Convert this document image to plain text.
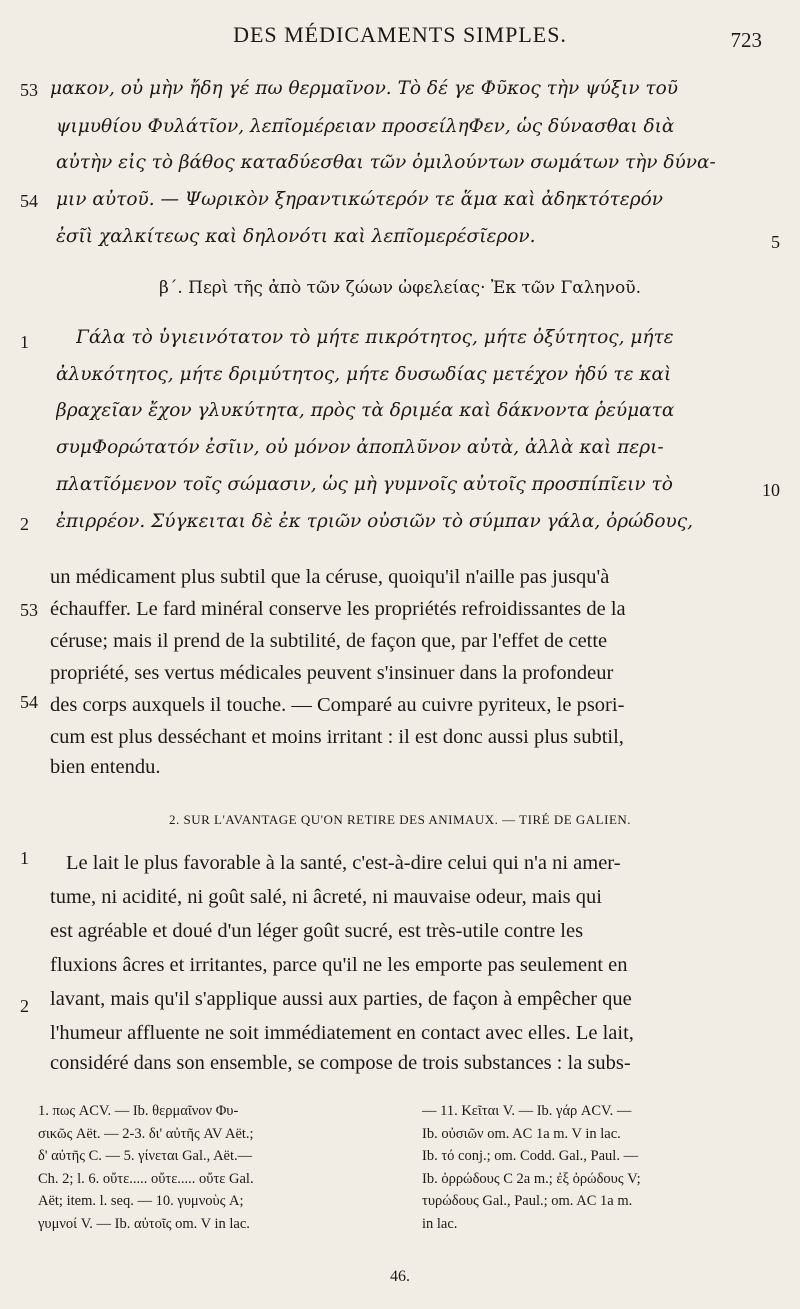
DES MÉDICAMENTS SIMPLES.	723
μακον, οὐ μὴν ἤδη γέ πω θερμαῖνον. Τὸ δέ γε Φῦκος τὴν ψύξιν τοῦ
ψιμυθίου Φυλάτῖον, λεπῖομέρειαν προσείληΦεν, ὡς δύνασθαι διὰ
αὐτὴν εἰς τὸ βάθος καταδύεσθαι τῶν ὁμιλούντων σωμάτων τὴν δύνα-
μιν αὐτοῦ. — Ψωρικὸν ξηραντικώτερόν τε ἅμα καὶ ἀδηκτότερόν
ἐσῖὶ χαλκίτεως καὶ δηλονότι καὶ λεπῖομερέσῖερον.
53
54
5
β΄. Περὶ τῆς ἀπὸ τῶν ζώων ὠφελείας· Ἐκ τῶν Γαληνοῦ.
Γάλα τὸ ὑγιεινότατον τὸ μήτε πικρότητος, μήτε ὀξύτητος, μήτε
ἀλυκότητος, μήτε δριμύτητος, μήτε δυσωδίας μετέχον ἡδύ τε καὶ
βραχεῖαν ἔχον γλυκύτητα, πρὸς τὰ δριμέα καὶ δάκνοντα ῥεύματα
συμΦορώτατόν ἐσῖιν, οὐ μόνον ἀποπλῦνον αὐτὰ, ἀλλὰ καὶ περι-
πλατῖόμενον τοῖς σώμασιν, ὡς μὴ γυμνοῖς αὐτοῖς προσπίπῖειν τὸ
ἐπιρρέον. Σύγκειται δὲ ἐκ τριῶν οὐσιῶν τὸ σύμπαν γάλα, ὀρώδους,
1
2
10
un médicament plus subtil que la céruse, quoiqu'il n'aille pas jusqu'à
échauffer. Le fard minéral conserve les propriétés refroidissantes de la
céruse; mais il prend de la subtilité, de façon que, par l'effet de cette
propriété, ses vertus médicales peuvent s'insinuer dans la profondeur
des corps auxquels il touche. — Comparé au cuivre pyriteux, le psori-
cum est plus desséchant et moins irritant : il est donc aussi plus subtil,
bien entendu.
53
54
2. SUR L'AVANTAGE QU'ON RETIRE DES ANIMAUX. — TIRÉ DE GALIEN.
Le lait le plus favorable à la santé, c'est-à-dire celui qui n'a ni amer-
tume, ni acidité, ni goût salé, ni âcreté, ni mauvaise odeur, mais qui
est agréable et doué d'un léger goût sucré, est très-utile contre les
fluxions âcres et irritantes, parce qu'il ne les emporte pas seulement en
lavant, mais qu'il s'applique aussi aux parties, de façon à empêcher que
l'humeur affluente ne soit immédiatement en contact avec elles. Le lait,
considéré dans son ensemble, se compose de trois substances : la subs-
1
2
1. πως ACV. — Ib. θερμαῖνον Φυ-
σικῶς Aët. — 2-3. δι' αὐτῆς AV Aët.;
δ' αὐτῆς C. — 5. γίνεται Gal., Aët.—
Ch. 2; l. 6. οὔτε..... οὔτε..... οὔτε Gal.
Aët; item. l. seq. — 10. γυμνοὺς A;
γυμνοί V. — Ib. αὐτοῖς om. V in lac.
— 11. Κεῖται V. — Ib. γάρ ACV. —
Ib. οὐσιῶν om. AC 1a m. V in lac.
Ib. τό conj.; om. Codd. Gal., Paul. —
Ib. ὀρρώδους C 2a m.; ἐξ ὀρώδους V;
τυρώδους Gal., Paul.; om. AC 1a m.
in lac.
46.
